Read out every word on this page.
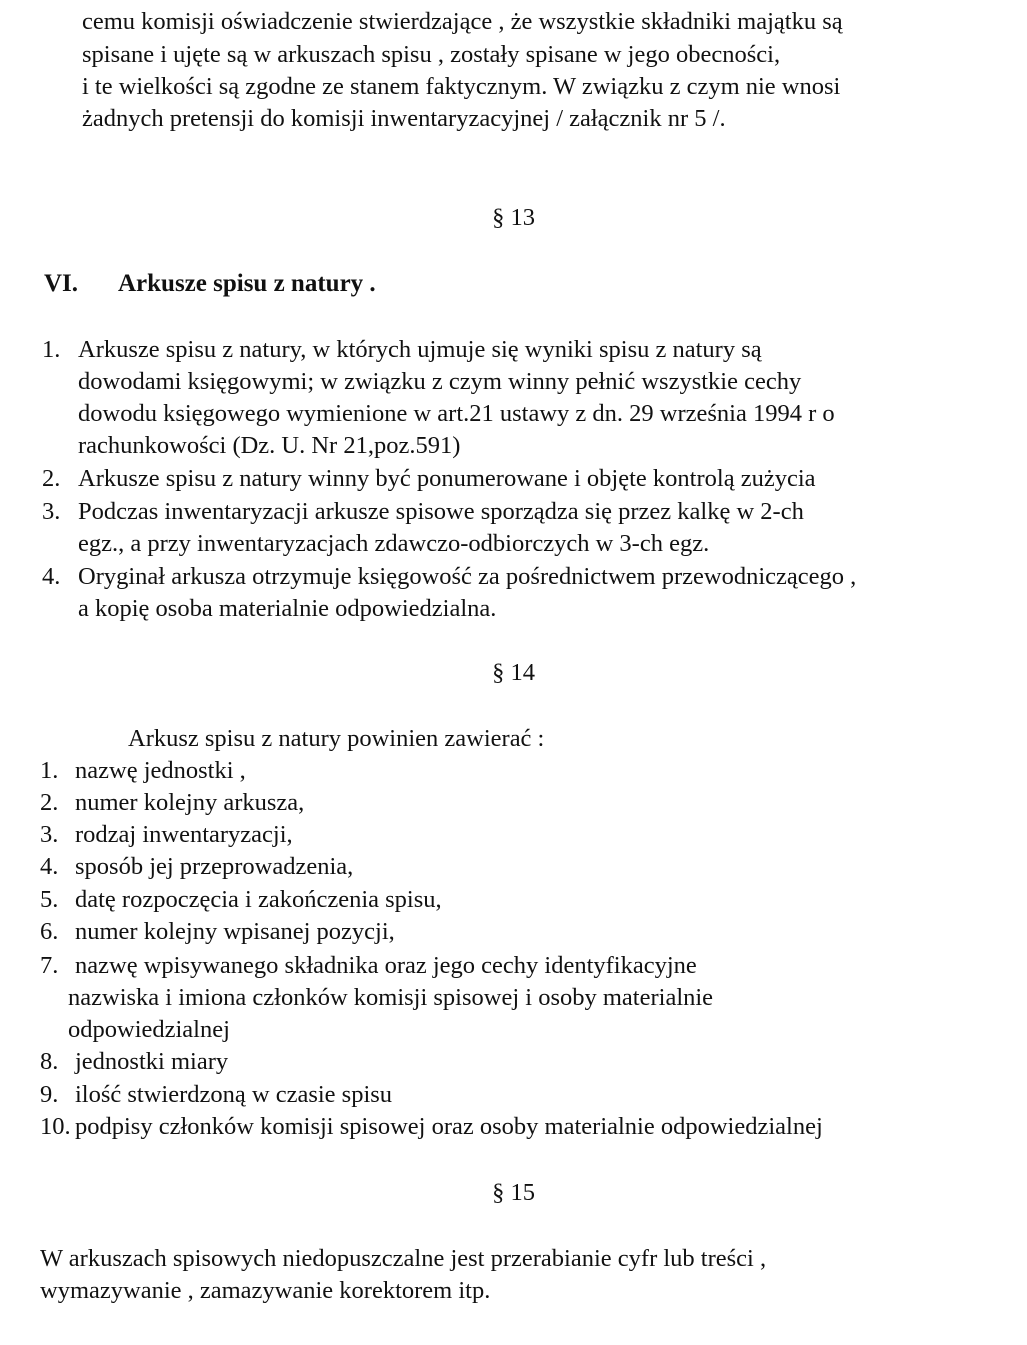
cemu komisji oświadczenie stwierdzające , że wszystkie składniki majątku są
spisane i ujęte są w arkuszach spisu , zostały spisane w jego obecności,
i te wielkości są zgodne ze stanem faktycznym. W związku z czym nie wnosi
żadnych pretensji do komisji inwentaryzacyjnej / załącznik nr 5 /.
§ 13
VI. Arkusze spisu z natury .
1. Arkusze spisu z natury, w których ujmuje się wyniki spisu z natury są
dowodami księgowymi; w związku z czym winny pełnić wszystkie cechy
dowodu księgowego wymienione w art.21 ustawy z dn. 29 września 1994 r o
rachunkowości (Dz. U. Nr 21,poz.591)
2. Arkusze spisu z natury winny być ponumerowane i objęte kontrolą zużycia
3. Podczas inwentaryzacji arkusze spisowe sporządza się przez kalkę w 2-ch
egz., a przy inwentaryzacjach zdawczo-odbiorczych w 3-ch egz.
4. Oryginał arkusza otrzymuje księgowość za pośrednictwem przewodniczącego ,
a kopię osoba materialnie odpowiedzialna.
§ 14
Arkusz spisu z natury powinien zawierać :
1. nazwę jednostki ,
2. numer kolejny arkusza,
3. rodzaj inwentaryzacji,
4. sposób jej przeprowadzenia,
5. datę rozpoczęcia i zakończenia spisu,
6. numer kolejny wpisanej pozycji,
7. nazwę wpisywanego składnika oraz jego cechy identyfikacyjne
nazwiska i imiona członków komisji spisowej i osoby materialnie
odpowiedzialnej
8. jednostki miary
9. ilość stwierdzoną w czasie spisu
10. podpisy członków komisji spisowej oraz osoby materialnie odpowiedzialnej
§ 15
W arkuszach spisowych niedopuszczalne jest przerabianie cyfr lub treści ,
wymazywanie , zamazywanie korektorem itp.
